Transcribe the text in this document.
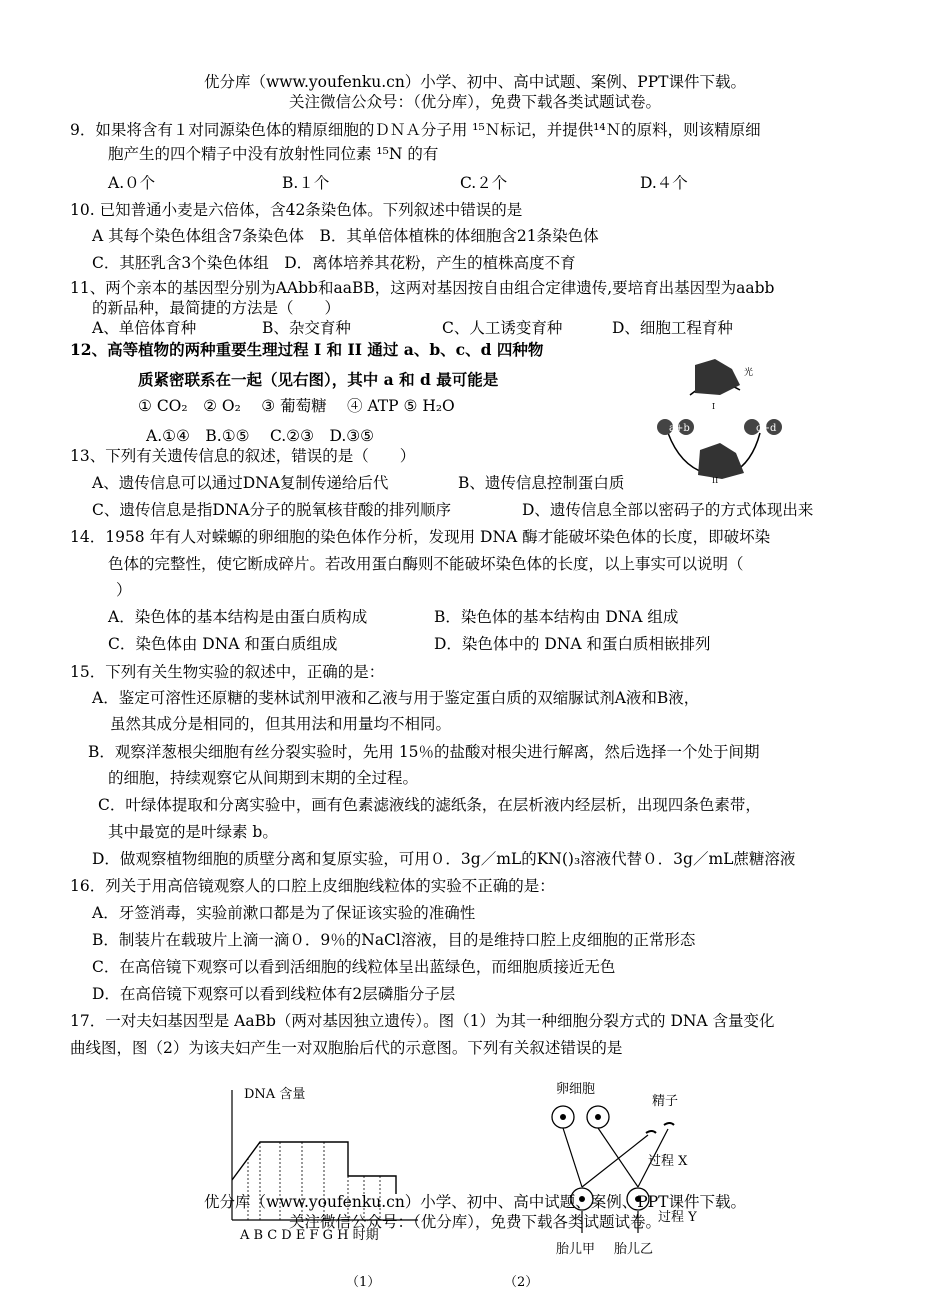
优分库（www.youfenku.cn）小学、初中、高中试题、案例、PPT课件下载。
关注微信公众号：（优分库），免费下载各类试题试卷。
9．如果将含有１对同源染色体的精原细胞的ＤＮＡ分子用 ¹⁵Ｎ标记，并提供¹⁴Ｎ的原料，则该精原细
胞产生的四个精子中没有放射性同位素 ¹⁵N 的有
A.０个	B.１个	C.２个	D.４个
10. 已知普通小麦是六倍体，含42条染色体。下列叙述中错误的是
A 其每个染色体组含7条染色体　B．其单倍体植株的体细胞含21条染色体
C．其胚乳含3个染色体组　D．离体培养其花粉，产生的植株高度不育
11、两个亲本的基因型分别为AAbb和aaBB，这两对基因按自由组合定律遗传,要培育出基因型为aabb
的新品种，最简捷的方法是（　　）
A、单倍体育种	B、杂交育种	C、人工诱变育种	D、细胞工程育种
12、高等植物的两种重要生理过程 I 和 II 通过 a、b、c、d 四种物
质紧密联系在一起（见右图），其中 a 和 d 最可能是
① CO₂　② O₂　 ③ 葡萄糖　 ④ ATP ⑤ H₂O
A.①④　B.①⑤　 C.②③　D.③⑤	a+b	c+d
光
I
II
13、下列有关遗传信息的叙述，错误的是（　　）
A、遗传信息可以通过DNA复制传递给后代	B、遗传信息控制蛋白质
C、遗传信息是指DNA分子的脱氧核苷酸的排列顺序	D、遗传信息全部以密码子的方式体现出来
14．1958 年有人对蝾螈的卵细胞的染色体作分析，发现用 DNA 酶才能破坏染色体的长度，即破坏染
色体的完整性，使它断成碎片。若改用蛋白酶则不能破坏染色体的长度，以上事实可以说明（
）
A．染色体的基本结构是由蛋白质构成	B．染色体的基本结构由 DNA 组成
C．染色体由 DNA 和蛋白质组成	D．染色体中的 DNA 和蛋白质相嵌排列
15．下列有关生物实验的叙述中，正确的是：
A．鉴定可溶性还原糖的斐林试剂甲液和乙液与用于鉴定蛋白质的双缩脲试剂A液和B液，
虽然其成分是相同的，但其用法和用量均不相同。
B．观察洋葱根尖细胞有丝分裂实验时，先用 15％的盐酸对根尖进行解离，然后选择一个处于间期
的细胞，持续观察它从间期到末期的全过程。
C．叶绿体提取和分离实验中，画有色素滤液线的滤纸条，在层析液内经层析，出现四条色素带，
其中最宽的是叶绿素 b。
D．做观察植物细胞的质壁分离和复原实验，可用０．3g／mL的KN()₃溶液代替０．3g／mL蔗糖溶液
16．列关于用高倍镜观察人的口腔上皮细胞线粒体的实验不正确的是：
A．牙签消毒，实验前漱口都是为了保证该实验的准确性
B．制装片在载玻片上滴一滴０．9％的NaCl溶液，目的是维持口腔上皮细胞的正常形态
C．在高倍镜下观察可以看到活细胞的线粒体呈出蓝绿色，而细胞质接近无色
D．在高倍镜下观察可以看到线粒体有2层磷脂分子层
17．一对夫妇基因型是 AaBb（两对基因独立遗传）。图（1）为其一种细胞分裂方式的 DNA 含量变化
曲线图，图（2）为该夫妇产生一对双胞胎后代的示意图。下列有关叙述错误的是
DNA 含量
A B C D E F G H 时期
卵细胞
精子
过程 X
过程 Y
胎儿甲 胎儿乙
（1）	（2）
优分库（www.youfenku.cn）小学、初中、高中试题、案例、PPT课件下载。
关注微信公众号：（优分库），免费下载各类试题试卷。
